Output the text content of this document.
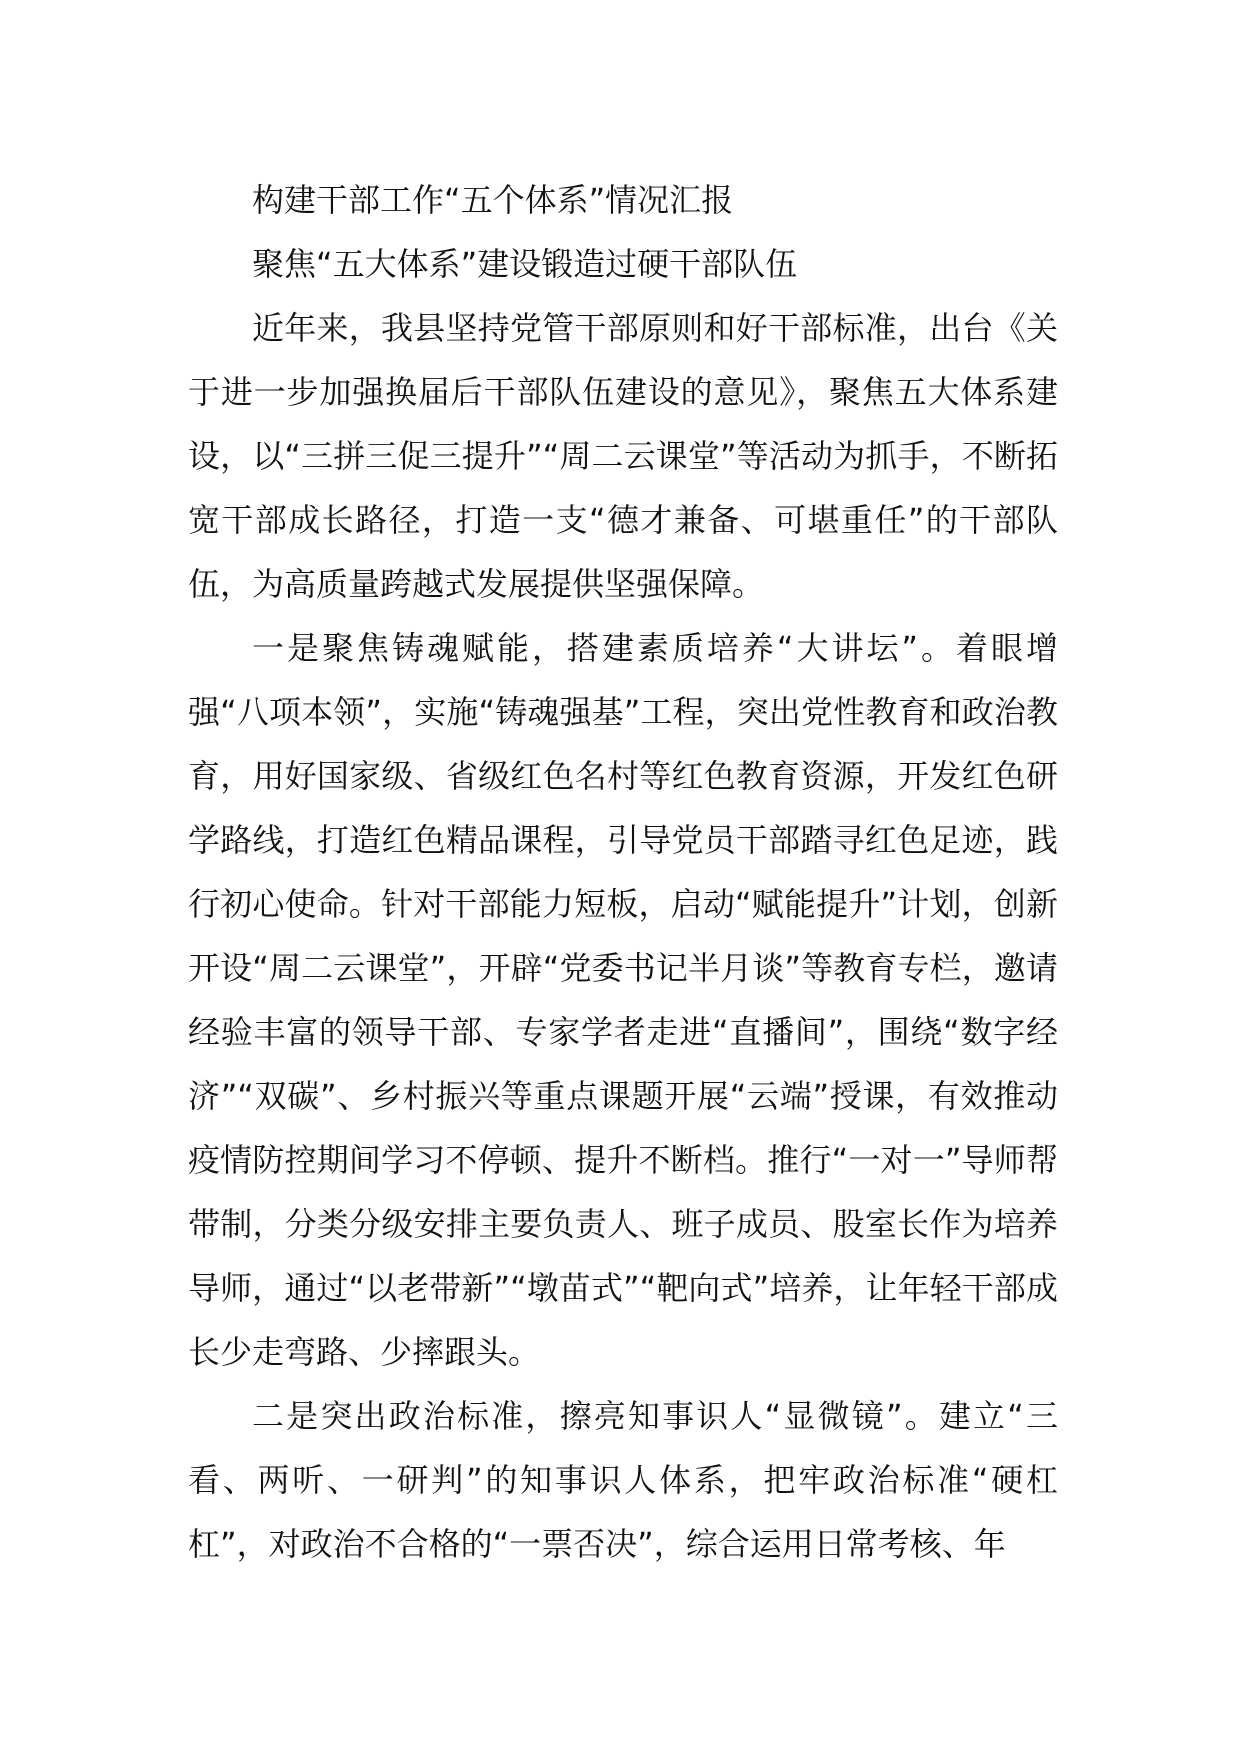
构建干部工作“五个体系”情况汇报

聚焦“五大体系”建设锻造过硬干部队伍

近年来，我县坚持党管干部原则和好干部标准，出台《关于进一步加强换届后干部队伍建设的意见》，聚焦五大体系建设，以“三拼三促三提升”“周二云课堂”等活动为抓手，不断拓宽干部成长路径，打造一支“德才兼备、可堪重任”的干部队伍，为高质量跨越式发展提供坚强保障。

一是聚焦铸魂赋能，搭建素质培养“大讲坛”。着眼增强“八项本领”，实施“铸魂强基”工程，突出党性教育和政治教育，用好国家级、省级红色名村等红色教育资源，开发红色研学路线，打造红色精品课程，引导党员干部踏寻红色足迹，践行初心使命。针对干部能力短板，启动“赋能提升”计划，创新开设“周二云课堂”，开辟“党委书记半月谈”等教育专栏，邀请经验丰富的领导干部、专家学者走进“直播间”，围绕“数字经济”“双碳”、乡村振兴等重点课题开展“云端”授课，有效推动疫情防控期间学习不停顿、提升不断档。推行“一对一”导师帮带制，分类分级安排主要负责人、班子成员、股室长作为培养导师，通过“以老带新”“墩苗式”“靶向式”培养，让年轻干部成长少走弯路、少摔跟头。

二是突出政治标准，擦亮知事识人“显微镜”。建立“三看、两听、一研判”的知事识人体系，把牢政治标准“硬杠杠”，对政治不合格的“一票否决”，综合运用日常考核、年
